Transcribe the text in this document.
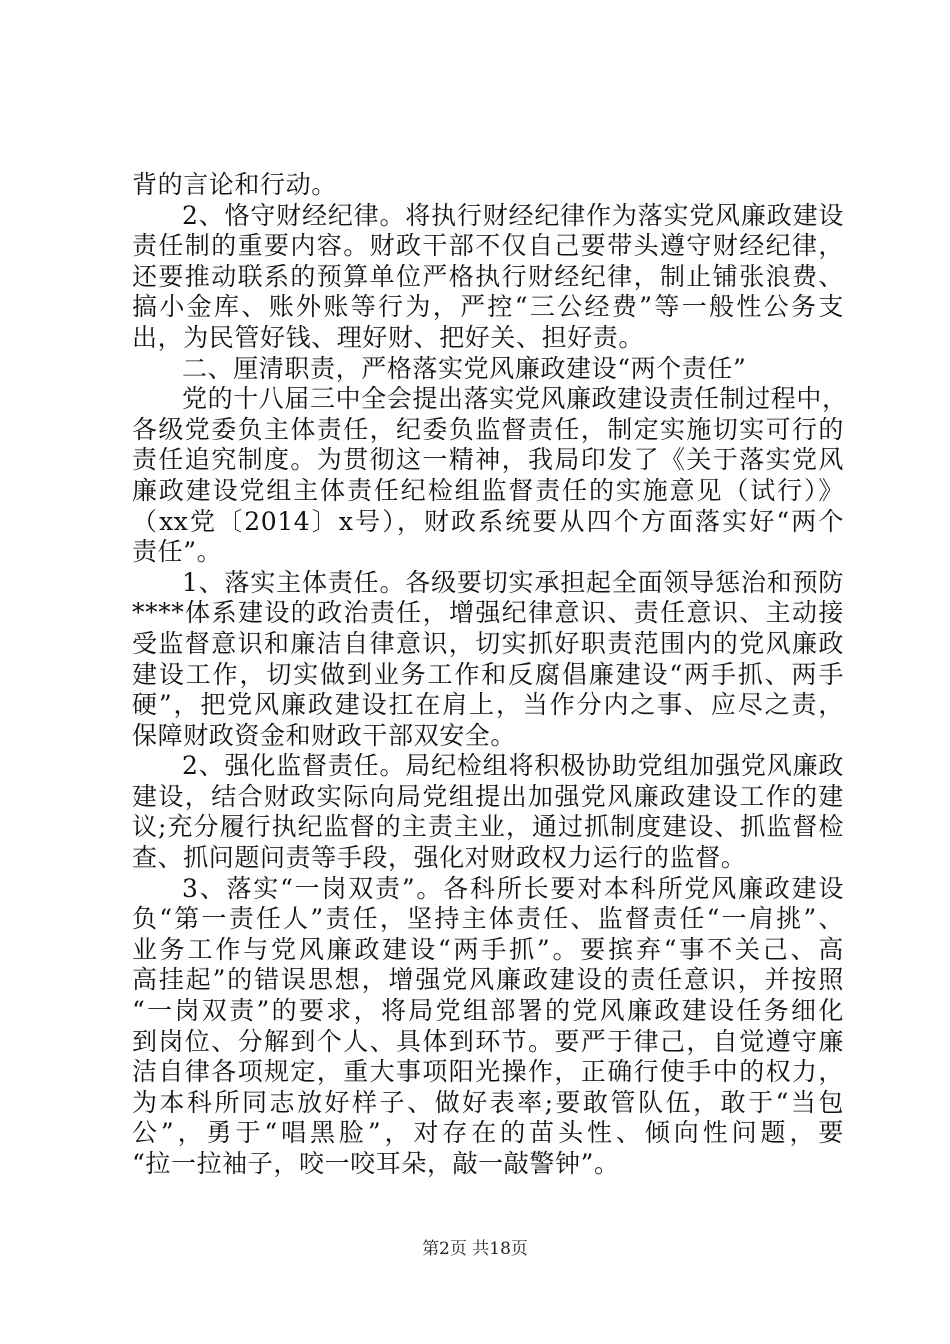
背的言论和行动。
2、恪守财经纪律。将执行财经纪律作为落实党风廉政建设
责任制的重要内容。财政干部不仅自己要带头遵守财经纪律，
还要推动联系的预算单位严格执行财经纪律，制止铺张浪费、
搞小金库、账外账等行为，严控“三公经费”等一般性公务支
出，为民管好钱、理好财、把好关、担好责。
二、厘清职责，严格落实党风廉政建设“两个责任”
党的十八届三中全会提出落实党风廉政建设责任制过程中，
各级党委负主体责任，纪委负监督责任，制定实施切实可行的
责任追究制度。为贯彻这一精神，我局印发了《关于落实党风
廉政建设党组主体责任纪检组监督责任的实施意见（试行）》
（xx党〔2014〕x号），财政系统要从四个方面落实好“两个
责任”。
1、落实主体责任。各级要切实承担起全面领导惩治和预防
****体系建设的政治责任，增强纪律意识、责任意识、主动接
受监督意识和廉洁自律意识，切实抓好职责范围内的党风廉政
建设工作，切实做到业务工作和反腐倡廉建设“两手抓、两手
硬”，把党风廉政建设扛在肩上，当作分内之事、应尽之责，
保障财政资金和财政干部双安全。
2、强化监督责任。局纪检组将积极协助党组加强党风廉政
建设，结合财政实际向局党组提出加强党风廉政建设工作的建
议;充分履行执纪监督的主责主业，通过抓制度建设、抓监督检
查、抓问题问责等手段，强化对财政权力运行的监督。
3、落实“一岗双责”。各科所长要对本科所党风廉政建设
负“第一责任人”责任，坚持主体责任、监督责任“一肩挑”、
业务工作与党风廉政建设“两手抓”。要摈弃“事不关己、高
高挂起”的错误思想，增强党风廉政建设的责任意识，并按照
“一岗双责”的要求，将局党组部署的党风廉政建设任务细化
到岗位、分解到个人、具体到环节。要严于律己，自觉遵守廉
洁自律各项规定，重大事项阳光操作，正确行使手中的权力，
为本科所同志放好样子、做好表率;要敢管队伍，敢于“当包
公”，勇于“唱黑脸”，对存在的苗头性、倾向性问题，要
“拉一拉袖子，咬一咬耳朵，敲一敲警钟”。
第2页 共18页
